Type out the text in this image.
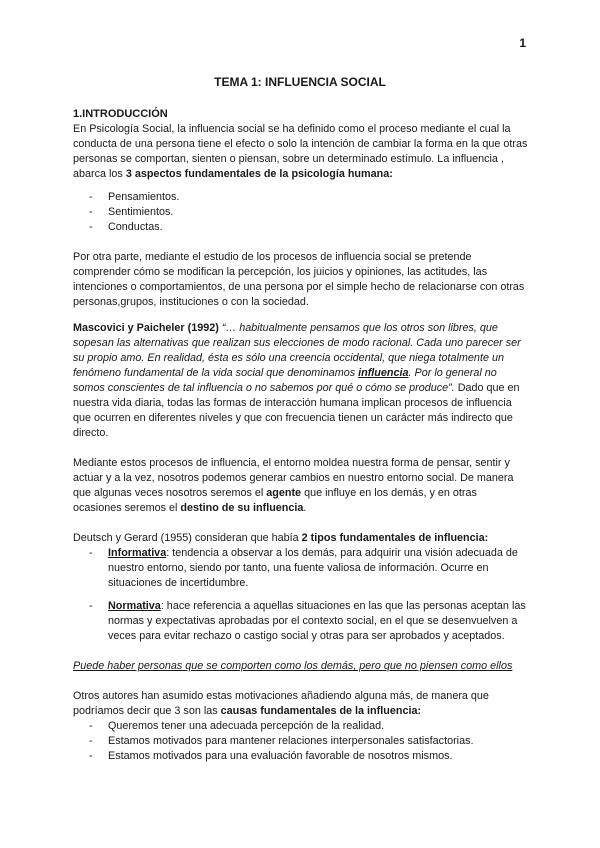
1
TEMA 1: INFLUENCIA SOCIAL

1.INTRODUCCIÓN

En Psicología Social, la influencia social se ha definido como el proceso mediante el cual la conducta de una persona tiene el efecto o solo la intención de cambiar la forma en la que otras personas se comportan, sienten o piensan, sobre un determinado estímulo. La influencia , abarca los 3 aspectos fundamentales de la psicología humana:

- Pensamientos.
- Sentimientos.
- Conductas.

Por otra parte, mediante el estudio de los procesos de influencia social se pretende comprender cómo se modifican la percepción, los juicios y opiniones, las actitudes, las intenciones o comportamientos, de una persona por el simple hecho de relacionarse con otras personas,grupos, instituciones o con la sociedad.

Mascovici y Paicheler (1992) “… habitualmente pensamos que los otros son libres, que sopesan las alternativas que realizan sus elecciones de modo racional. Cada uno parecer ser su propio amo. En realidad, ésta es sólo una creencia occidental, que niega totalmente un fenómeno fundamental de la vida social que denominamos influencia. Por lo general no somos conscientes de tal influencia o no sabemos por qué o cómo se produce”. Dado que en nuestra vida diaria, todas las formas de interacción humana implican procesos de influencia que ocurren en diferentes niveles y que con frecuencia tienen un carácter más indirecto que directo.

Mediante estos procesos de influencia, el entorno moldea nuestra forma de pensar, sentir y actuar y a la vez, nosotros podemos generar cambios en nuestro entorno social. De manera que algunas veces nosotros seremos el agente que influye en los demás, y en otras ocasiones seremos el destino de su influencia.

Deutsch y Gerard (1955) consideran que había 2 tipos fundamentales de influencia:

- Informativa: tendencia a observar a los demás, para adquirir una visión adecuada de nuestro entorno, siendo por tanto, una fuente valiosa de información. Ocurre en situaciones de incertidumbre.
- Normativa: hace referencia a aquellas situaciones en las que las personas aceptan las normas y expectativas aprobadas por el contexto social, en el que se desenvuelven a veces para evitar rechazo o castigo social y otras para ser aprobados y aceptados.

Puede haber personas que se comporten como los demás, pero que no piensen como ellos

Otros autores han asumido estas motivaciones añadiendo alguna más, de manera que podríamos decir que 3 son las causas fundamentales de la influencia:

- Queremos tener una adecuada percepción de la realidad.
- Estamos motivados para mantener relaciones interpersonales satisfactorias.
- Estamos motivados para una evaluación favorable de nosotros mismos.
